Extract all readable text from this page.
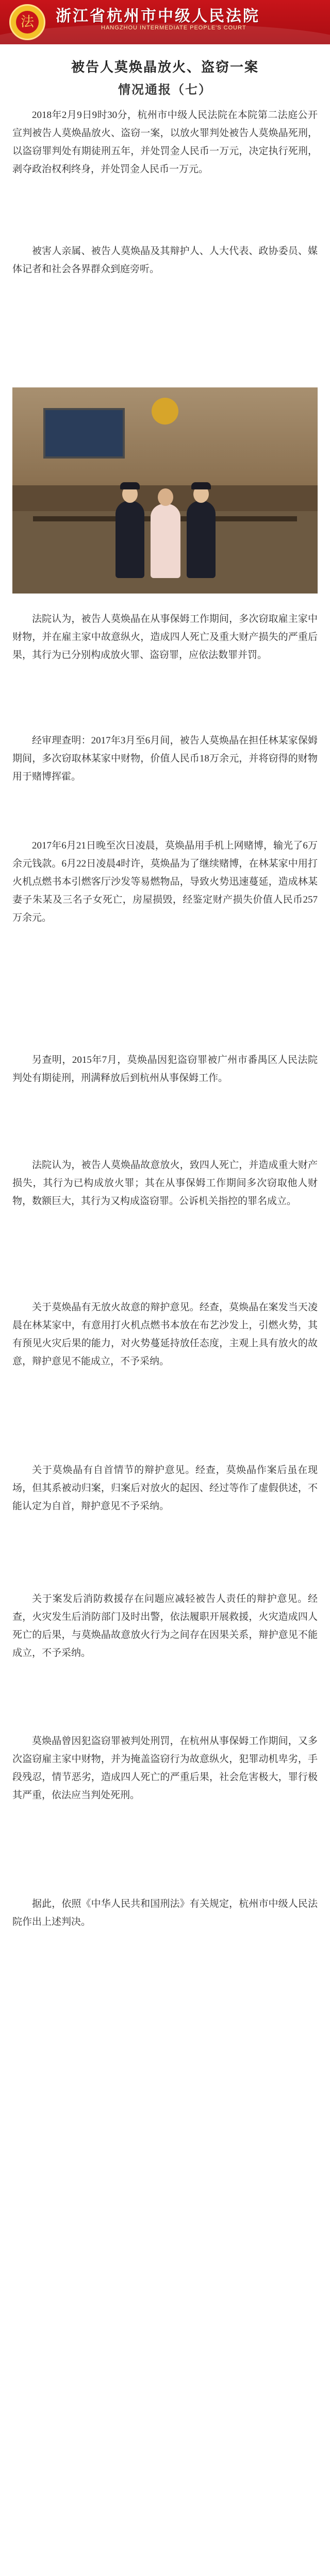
法	浙江省杭州市中级人民法院
HANGZHOU INTERMEDIATE PEOPLE'S COURT
被告人莫焕晶放火、盗窃一案
情况通报（七）
2018年2月9日9时30分，杭州市中级人民法院在本院第二法庭公开宣判被告人莫焕晶放火、盗窃一案，以放火罪判处被告人莫焕晶死刑，以盗窃罪判处有期徒刑五年，并处罚金人民币一万元，决定执行死刑，剥夺政治权利终身，并处罚金人民币一万元。
被害人亲属、被告人莫焕晶及其辩护人、人大代表、政协委员、媒体记者和社会各界群众到庭旁听。
法院认为，被告人莫焕晶在从事保姆工作期间，多次窃取雇主家中财物，并在雇主家中故意纵火，造成四人死亡及重大财产损失的严重后果，其行为已分别构成放火罪、盗窃罪，应依法数罪并罚。
经审理查明：2017年3月至6月间，被告人莫焕晶在担任林某家保姆期间，多次窃取林某家中财物，价值人民币18万余元，并将窃得的财物用于赌博挥霍。
2017年6月21日晚至次日凌晨，莫焕晶用手机上网赌博，输光了6万余元钱款。6月22日凌晨4时许，莫焕晶为了继续赌博，在林某家中用打火机点燃书本引燃客厅沙发等易燃物品，导致火势迅速蔓延，造成林某妻子朱某及三名子女死亡，房屋损毁，经鉴定财产损失价值人民币257万余元。
另查明，2015年7月，莫焕晶因犯盗窃罪被广州市番禺区人民法院判处有期徒刑，刑满释放后到杭州从事保姆工作。
法院认为，被告人莫焕晶故意放火，致四人死亡，并造成重大财产损失，其行为已构成放火罪；其在从事保姆工作期间多次窃取他人财物，数额巨大，其行为又构成盗窃罪。公诉机关指控的罪名成立。
关于莫焕晶有无放火故意的辩护意见。经查，莫焕晶在案发当天凌晨在林某家中，有意用打火机点燃书本放在布艺沙发上，引燃火势，其有预见火灾后果的能力，对火势蔓延持放任态度，主观上具有放火的故意，辩护意见不能成立，不予采纳。
关于莫焕晶有自首情节的辩护意见。经查，莫焕晶作案后虽在现场，但其系被动归案，归案后对放火的起因、经过等作了虚假供述，不能认定为自首，辩护意见不予采纳。
关于案发后消防救援存在问题应减轻被告人责任的辩护意见。经查，火灾发生后消防部门及时出警，依法履职开展救援，火灾造成四人死亡的后果，与莫焕晶故意放火行为之间存在因果关系，辩护意见不能成立，不予采纳。
莫焕晶曾因犯盗窃罪被判处刑罚，在杭州从事保姆工作期间，又多次盗窃雇主家中财物，并为掩盖盗窃行为故意纵火，犯罪动机卑劣，手段残忍，情节恶劣，造成四人死亡的严重后果，社会危害极大，罪行极其严重，依法应当判处死刑。
据此，依照《中华人民共和国刑法》有关规定，杭州市中级人民法院作出上述判决。
